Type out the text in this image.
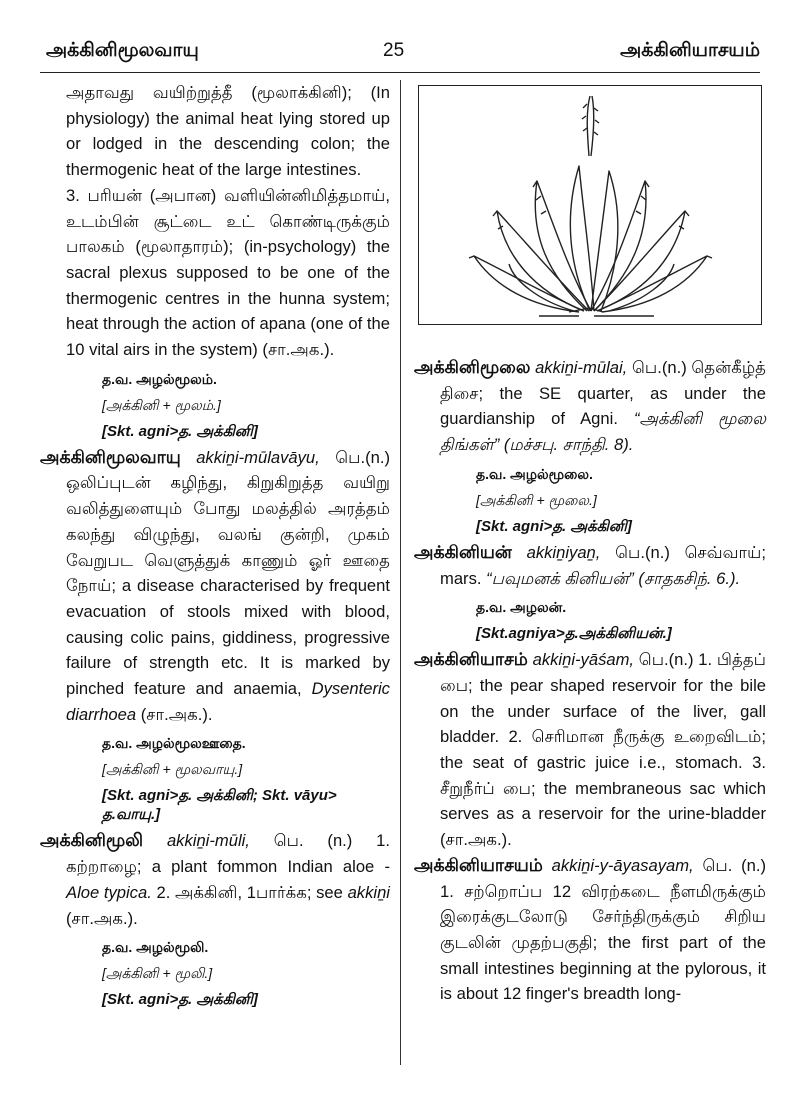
அக்கினிமூலவாயு	25	அக்கினியாசயம்

அதாவது வயிற்றுத்தீ (மூலாக்கினி); (In physiology) the animal heat lying stored up or lodged in the descending colon; the thermogenic heat of the large intestines.

3. பரியன் (அபான) வளியின்னிமித்தமாய், உடம்பின் சூட்டை உட் கொண்டிருக்கும் பாலகம் (மூலாதாரம்); (in-psychology) the sacral plexus supposed to be one of the thermogenic centres in the hunna system; heat through the action of apana (one of the 10 vital airs in the system) (சா.அக.).

த.வ. அழல்மூலம்.

[அக்கினி + மூலம்.]

[Skt. agni>த. அக்கினி]

அக்கினிமூலவாயு akkiṉi-mūlavāyu, பெ.(n.) ஒலிப்புடன் கழிந்து, கிறுகிறுத்த வயிறு வலித்துளையும் போது மலத்தில் அரத்தம் கலந்து விழுந்து, வலங் குன்றி, முகம் வேறுபட வெளுத்துக் காணும் ஓர் ஊதை நோய்; a disease characterised by frequent evacuation of stools mixed with blood, causing colic pains, giddiness, progressive failure of strength etc. It is marked by pinched feature and anaemia, Dysenteric diarrhoea (சா.அக.).

த.வ. அழல்மூலஊதை.

[அக்கினி + மூலவாயு.]

[Skt. agni>த. அக்கினி; Skt. vāyu> த.வாயு.]

அக்கினிமூலி akkiṉi-mūli, பெ. (n.) 1. கற்றாழை; a plant fommon Indian aloe - Aloe typica. 2. அக்கினி, 1பார்க்க; see akkiṉi (சா.அக.).

த.வ. அழல்மூலி.

[அக்கினி + மூலி.]

[Skt. agni>த. அக்கினி]

அக்கினிமூலை akkiṉi-mūlai, பெ.(n.) தென்கீழ்த் திசை; the SE quarter, as under the guardianship of Agni. “அக்கினி மூலை திங்கள்” (மச்சபு. சாந்தி. 8).

த.வ. அழல்மூலை.

[அக்கினி + மூலை.]

[Skt. agni>த. அக்கினி]

அக்கினியன் akkiṉiyaṉ, பெ.(n.) செவ்வாய்; mars. “பவுமனக் கினியன்” (சாதகசிந். 6.).

த.வ. அழலன்.

[Skt.agniya>த.அக்கினியன்.]

அக்கினியாசம் akkiṉi-yāśam, பெ.(n.) 1. பித்தப் பை; the pear shaped reservoir for the bile on the under surface of the liver, gall bladder. 2. செரிமான நீருக்கு உறைவிடம்; the seat of gastric juice i.e., stomach. 3. சீறுநீர்ப் பை; the membraneous sac which serves as a reservoir for the urine-bladder (சா.அக.).

அக்கினியாசயம் akkiṉi-y-āyasayam, பெ. (n.) 1. சற்றொப்ப 12 விரற்கடை நீளமிருக்கும் இரைக்குடலோடு சேர்ந்திருக்கும் சிறிய குடலின் முதற்பகுதி; the first part of the small intestines beginning at the pylorous, it is about 12 finger's breadth long-
